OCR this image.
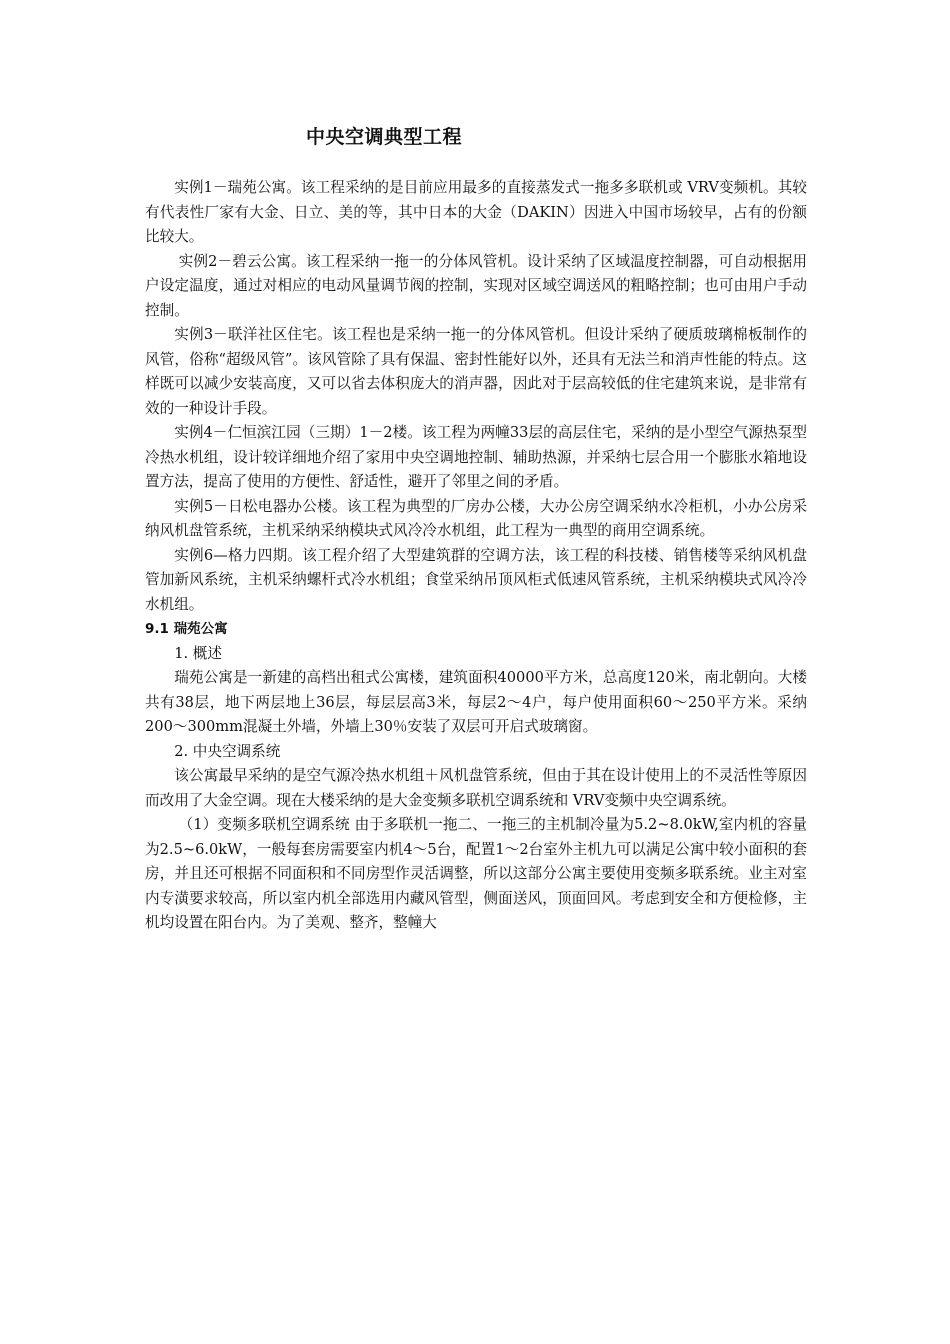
中央空调典型工程

实例1－瑞苑公寓。该工程采纳的是目前应用最多的直接蒸发式一拖多多联机或 VRV变频机。其较有代表性厂家有大金、日立、美的等，其中日本的大金（DAKIN）因进入中国市场较早，占有的份额比较大。

实例2－碧云公寓。该工程采纳一拖一的分体风管机。设计采纳了区域温度控制器，可自动根据用户设定温度，通过对相应的电动风量调节阀的控制，实现对区域空调送风的粗略控制；也可由用户手动控制。

实例3－联洋社区住宅。该工程也是采纳一拖一的分体风管机。但设计采纳了硬质玻璃棉板制作的风管，俗称“超级风管”。该风管除了具有保温、密封性能好以外，还具有无法兰和消声性能的特点。这样既可以减少安装高度，又可以省去体积庞大的消声器，因此对于层高较低的住宅建筑来说，是非常有效的一种设计手段。

实例4－仁恒滨江园（三期）1－2楼。该工程为两幢33层的高层住宅，采纳的是小型空气源热泵型冷热水机组，设计较详细地介绍了家用中央空调地控制、辅助热源，并采纳七层合用一个膨胀水箱地设置方法，提高了使用的方便性、舒适性，避开了邻里之间的矛盾。

实例5－日松电器办公楼。该工程为典型的厂房办公楼，大办公房空调采纳水冷柜机，小办公房采纳风机盘管系统，主机采纳采纳模块式风冷冷水机组，此工程为一典型的商用空调系统。

实例6—格力四期。该工程介绍了大型建筑群的空调方法，该工程的科技楼、销售楼等采纳风机盘管加新风系统，主机采纳螺杆式冷水机组；食堂采纳吊顶风柜式低速风管系统，主机采纳模块式风冷冷水机组。

9.1 瑞苑公寓

1. 概述

瑞苑公寓是一新建的高档出租式公寓楼，建筑面积40000平方米，总高度120米，南北朝向。大楼共有38层，地下两层地上36层，每层层高3米，每层2～4户，每户使用面积60～250平方米。采纳200～300mm混凝土外墙，外墙上30％安装了双层可开启式玻璃窗。

2. 中央空调系统

该公寓最早采纳的是空气源冷热水机组＋风机盘管系统，但由于其在设计使用上的不灵活性等原因而改用了大金空调。现在大楼采纳的是大金变频多联机空调系统和 VRV变频中央空调系统。

（1）变频多联机空调系统 由于多联机一拖二、一拖三的主机制冷量为5.2~8.0kW,室内机的容量为2.5~6.0kW，一般每套房需要室内机4～5台，配置1～2台室外主机九可以满足公寓中较小面积的套房，并且还可根据不同面积和不同房型作灵活调整，所以这部分公寓主要使用变频多联系统。业主对室内专潢要求较高，所以室内机全部选用内藏风管型，侧面送风，顶面回风。考虑到安全和方便检修，主机均设置在阳台内。为了美观、整齐，整幢大
